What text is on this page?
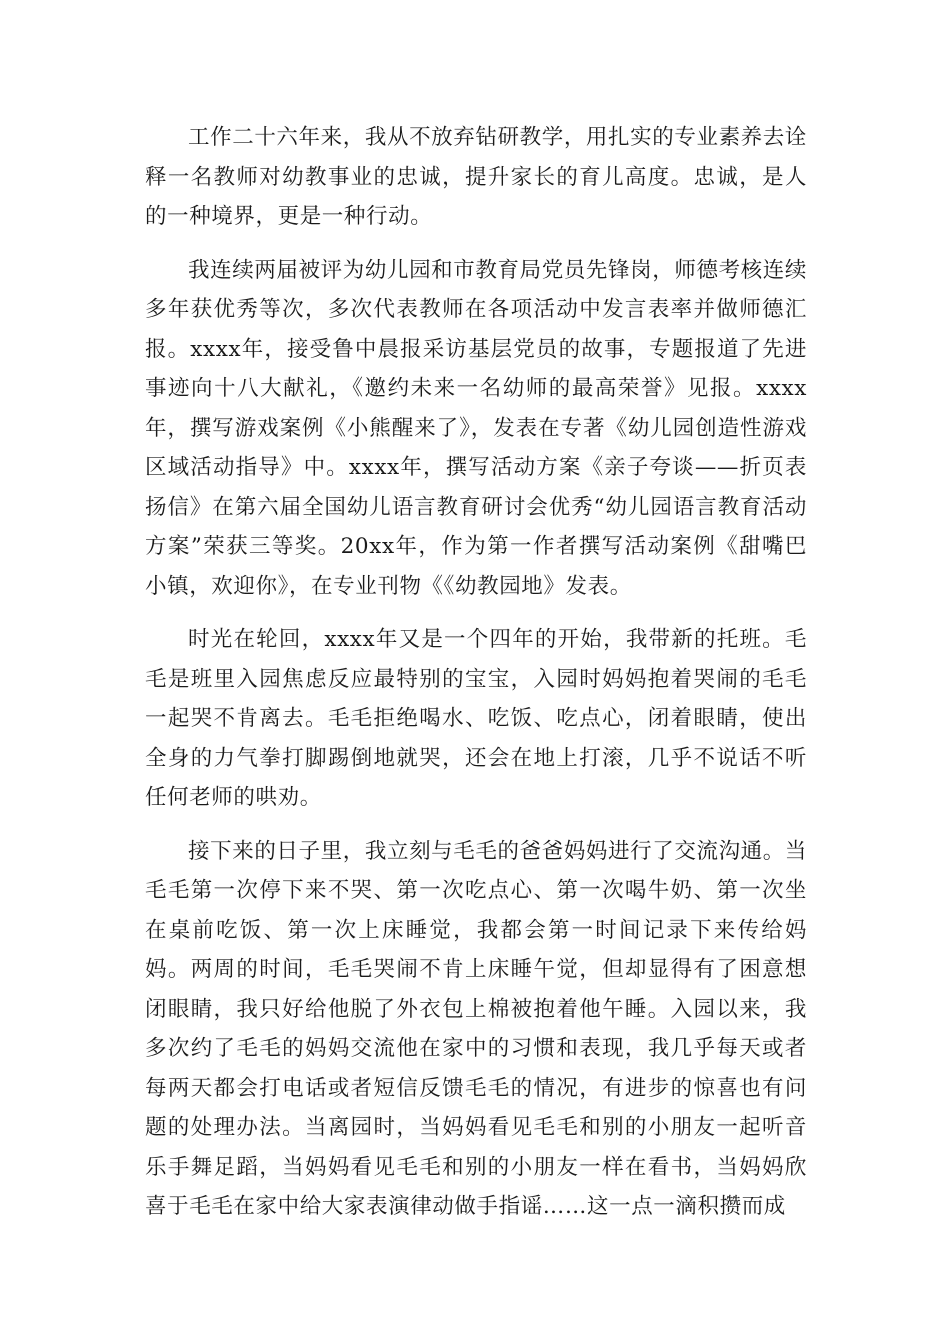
工作二十六年来，我从不放弃钻研教学，用扎实的专业素养去诠释一名教师对幼教事业的忠诚，提升家长的育儿高度。忠诚，是人的一种境界，更是一种行动。

我连续两届被评为幼儿园和市教育局党员先锋岗，师德考核连续多年获优秀等次，多次代表教师在各项活动中发言表率并做师德汇报。xxxx年，接受鲁中晨报采访基层党员的故事，专题报道了先进事迹向十八大献礼，《邀约未来一名幼师的最高荣誉》见报。xxxx年，撰写游戏案例《小熊醒来了》，发表在专著《幼儿园创造性游戏区域活动指导》中。xxxx年，撰写活动方案《亲子夸谈——折页表扬信》在第六届全国幼儿语言教育研讨会优秀“幼儿园语言教育活动方案”荣获三等奖。20xx年，作为第一作者撰写活动案例《甜嘴巴小镇，欢迎你》，在专业刊物《《幼教园地》发表。

时光在轮回，xxxx年又是一个四年的开始，我带新的托班。毛毛是班里入园焦虑反应最特别的宝宝，入园时妈妈抱着哭闹的毛毛一起哭不肯离去。毛毛拒绝喝水、吃饭、吃点心，闭着眼睛，使出全身的力气拳打脚踢倒地就哭，还会在地上打滚，几乎不说话不听任何老师的哄劝。

接下来的日子里，我立刻与毛毛的爸爸妈妈进行了交流沟通。当毛毛第一次停下来不哭、第一次吃点心、第一次喝牛奶、第一次坐在桌前吃饭、第一次上床睡觉，我都会第一时间记录下来传给妈妈。两周的时间，毛毛哭闹不肯上床睡午觉，但却显得有了困意想闭眼睛，我只好给他脱了外衣包上棉被抱着他午睡。入园以来，我多次约了毛毛的妈妈交流他在家中的习惯和表现，我几乎每天或者每两天都会打电话或者短信反馈毛毛的情况，有进步的惊喜也有问题的处理办法。当离园时，当妈妈看见毛毛和别的小朋友一起听音乐手舞足蹈，当妈妈看见毛毛和别的小朋友一样在看书，当妈妈欣喜于毛毛在家中给大家表演律动做手指谣……这一点一滴积攒而成
